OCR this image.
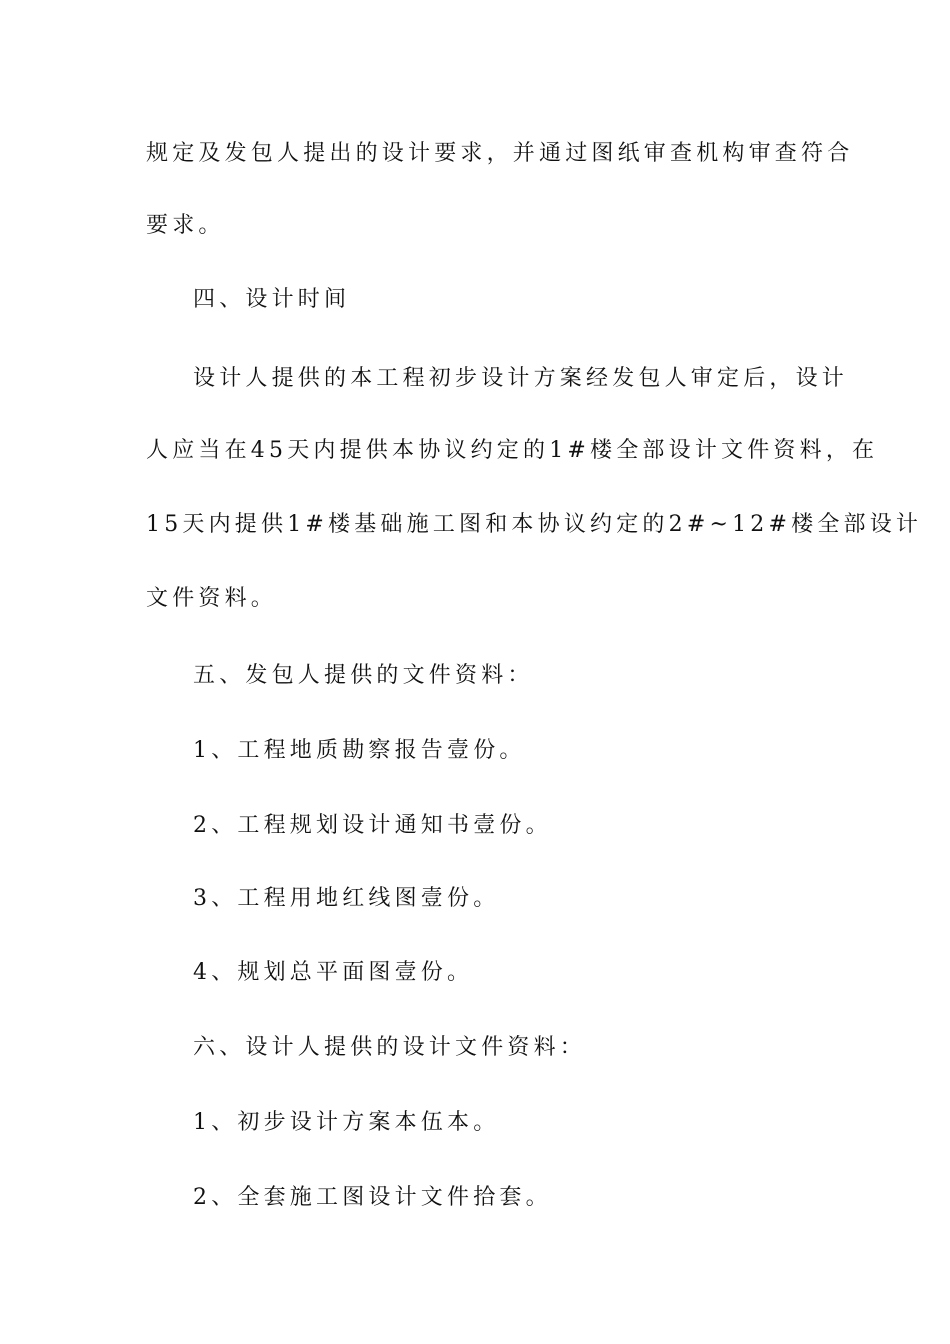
规定及发包人提出的设计要求，并通过图纸审查机构审查符合
要求。
四、设计时间
设计人提供的本工程初步设计方案经发包人审定后，设计
人应当在45天内提供本协议约定的1#楼全部设计文件资料，在
15天内提供1#楼基础施工图和本协议约定的2#~12#楼全部设计
文件资料。
五、发包人提供的文件资料：
1、工程地质勘察报告壹份。
2、工程规划设计通知书壹份。
3、工程用地红线图壹份。
4、规划总平面图壹份。
六、设计人提供的设计文件资料：
1、初步设计方案本伍本。
2、全套施工图设计文件拾套。
